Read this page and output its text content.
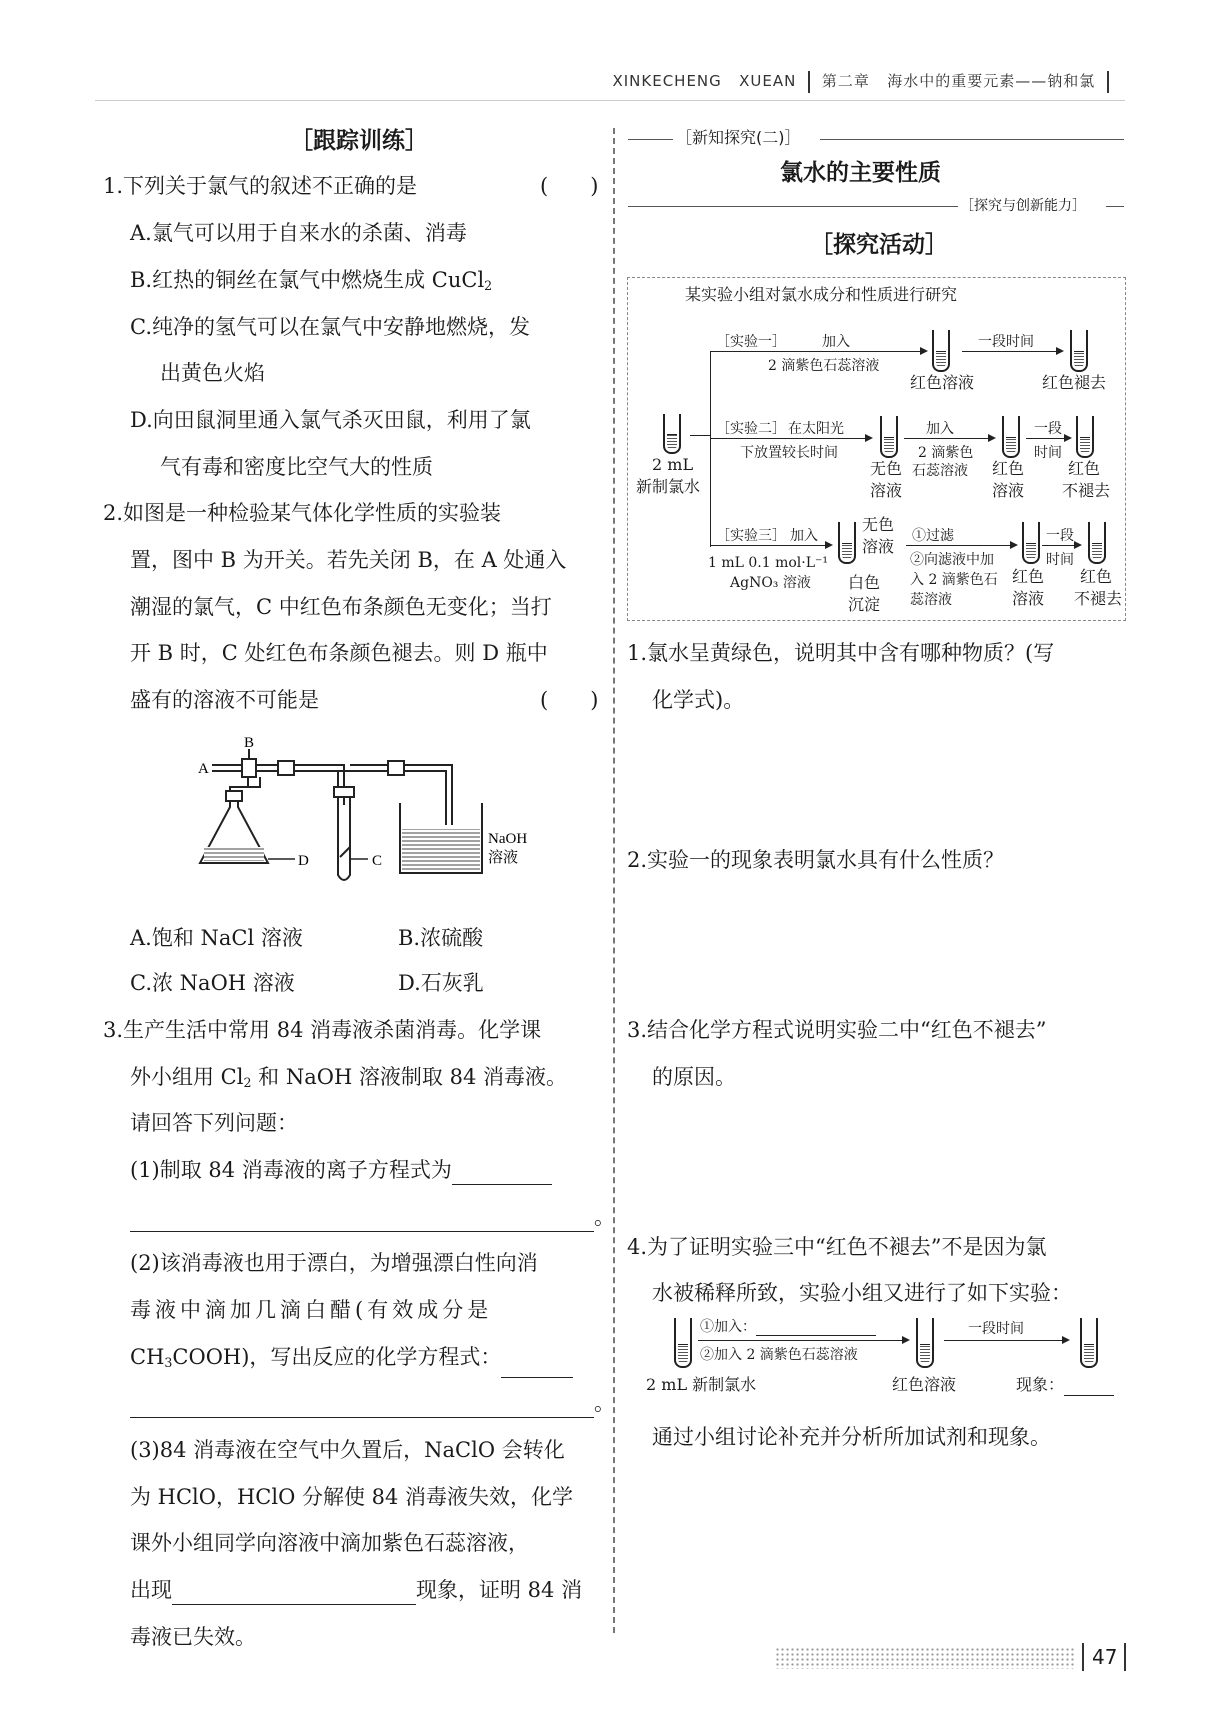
XINKECHENG XUEAN 第二章 海水中的重要元素——钠和氯
［跟踪训练］
1.下列关于氯气的叙述不正确的是	(　　)
A.氯气可以用于自来水的杀菌、消毒
B.红热的铜丝在氯气中燃烧生成 CuCl$_2$
C.纯净的氢气可以在氯气中安静地燃烧，发
出黄色火焰
D.向田鼠洞里通入氯气杀灭田鼠，利用了氯
气有毒和密度比空气大的性质
2.如图是一种检验某气体化学性质的实验装
置，图中 B 为开关。若先关闭 B，在 A 处通入
潮湿的氯气，C 中红色布条颜色无变化；当打
开 B 时，C 处红色布条颜色褪去。则 D 瓶中
盛有的溶液不可能是	(　　)
A
B
D	C
NaOH
溶液
A.饱和 NaCl 溶液	B.浓硫酸
C.浓 NaOH 溶液	D.石灰乳
3.生产生活中常用 84 消毒液杀菌消毒。化学课
外小组用 $Cl_2$ 和 NaOH 溶液制取 84 消毒液。
请回答下列问题：
(1)制取 84 消毒液的离子方程式为
。
(2)该消毒液也用于漂白，为增强漂白性向消
毒液中滴加几滴白醋(有效成分是
$CH_3COOH$)，写出反应的化学方程式：
。
(3)84 消毒液在空气中久置后，NaClO 会转化
为 HClO，HClO 分解使 84 消毒液失效，化学
课外小组同学向溶液中滴加紫色石蕊溶液，
出现	现象，证明 84 消
毒液已失效。
［新知探究(二)］
氯水的主要性质
［探究与创新能力］
［探究活动］
某实验小组对氯水成分和性质进行研究
2 mL
新制氯水
［实验一］	加入
2 滴紫色石蕊溶液
一段时间
红色溶液	红色褪去
［实验二］ 在太阳光
下放置较长时间
无色
溶液
加入
2 滴紫色
石蕊溶液 红色
溶液
一段
时间
红色
不褪去
［实验三］ 加入
1 mL 0.1 mol·L⁻¹
AgNO₃ 溶液
无色
溶液
白色
沉淀
①过滤
②向滤液中加
入 2 滴紫色石
蕊溶液
红色
溶液
一段
时间
红色
不褪去
1.氯水呈黄绿色，说明其中含有哪种物质？(写
化学式)。
2.实验一的现象表明氯水具有什么性质？
3.结合化学方程式说明实验二中“红色不褪去”
的原因。
4.为了证明实验三中“红色不褪去”不是因为氯
水被稀释所致，实验小组又进行了如下实验：
①加入：
②加入 2 滴紫色石蕊溶液
一段时间
2 mL 新制氯水	红色溶液	现象：
通过小组讨论补充并分析所加试剂和现象。
47
